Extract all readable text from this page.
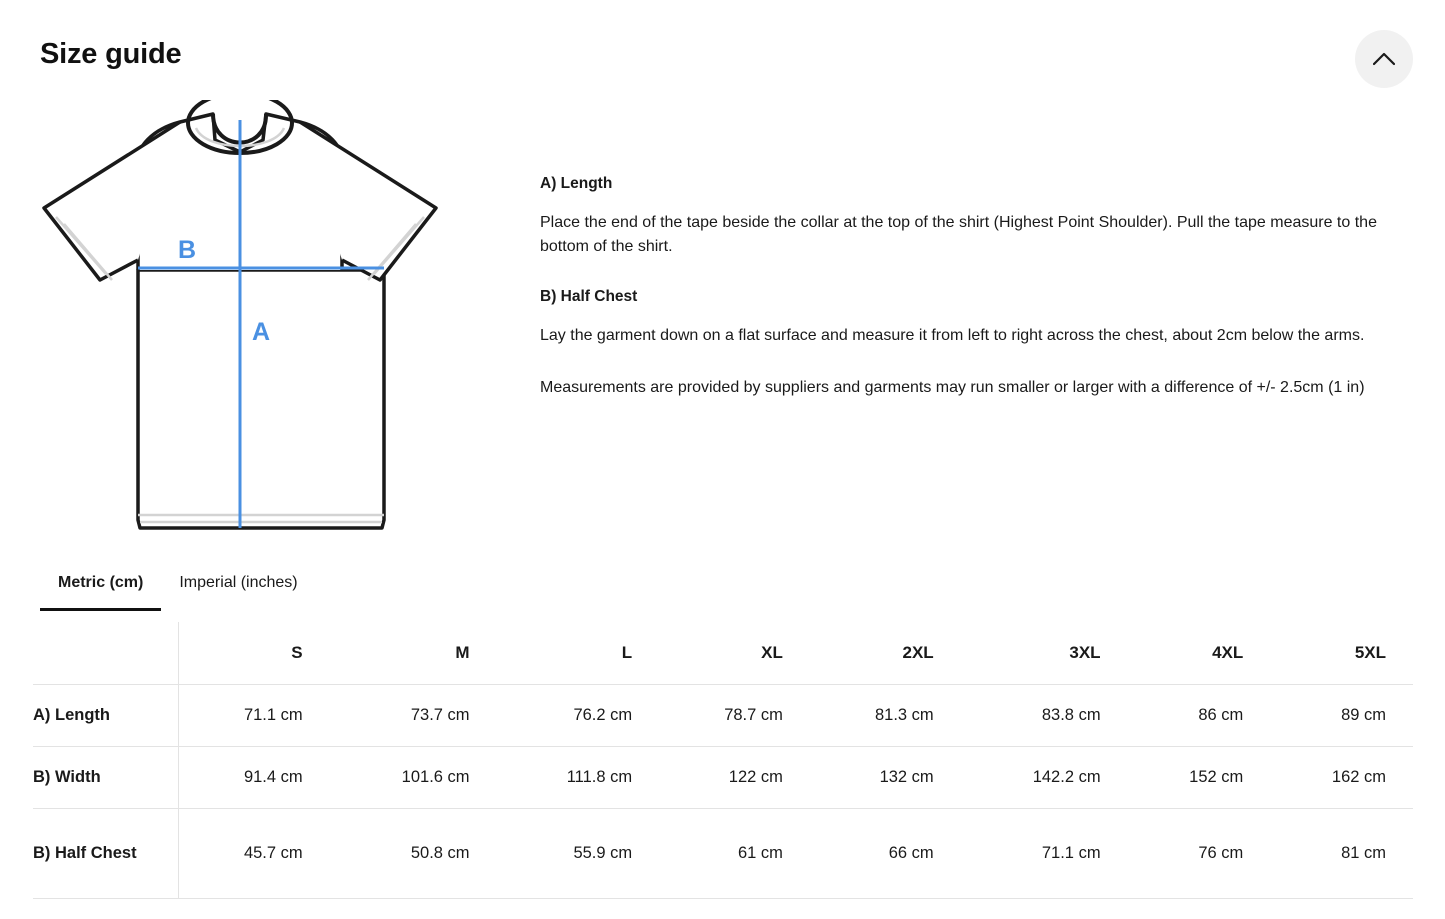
Size guide
B
A
A) Length

Place the end of the tape beside the collar at the top of the shirt (Highest Point Shoulder). Pull the tape measure to the bottom of the shirt.

B) Half Chest

Lay the garment down on a flat surface and measure it from left to right across the chest, about 2cm below the arms.

Measurements are provided by suppliers and garments may run smaller or larger with a difference of +/- 2.5cm (1 in)

Metric (cm)	Imperial (inches)
	S	M	L	XL	2XL	3XL	4XL	5XL
A) Length	71.1 cm	73.7 cm	76.2 cm	78.7 cm	81.3 cm	83.8 cm	86 cm	89 cm
B) Width	91.4 cm	101.6 cm	111.8 cm	122 cm	132 cm	142.2 cm	152 cm	162 cm
B) Half Chest	45.7 cm	50.8 cm	55.9 cm	61 cm	66 cm	71.1 cm	76 cm	81 cm
